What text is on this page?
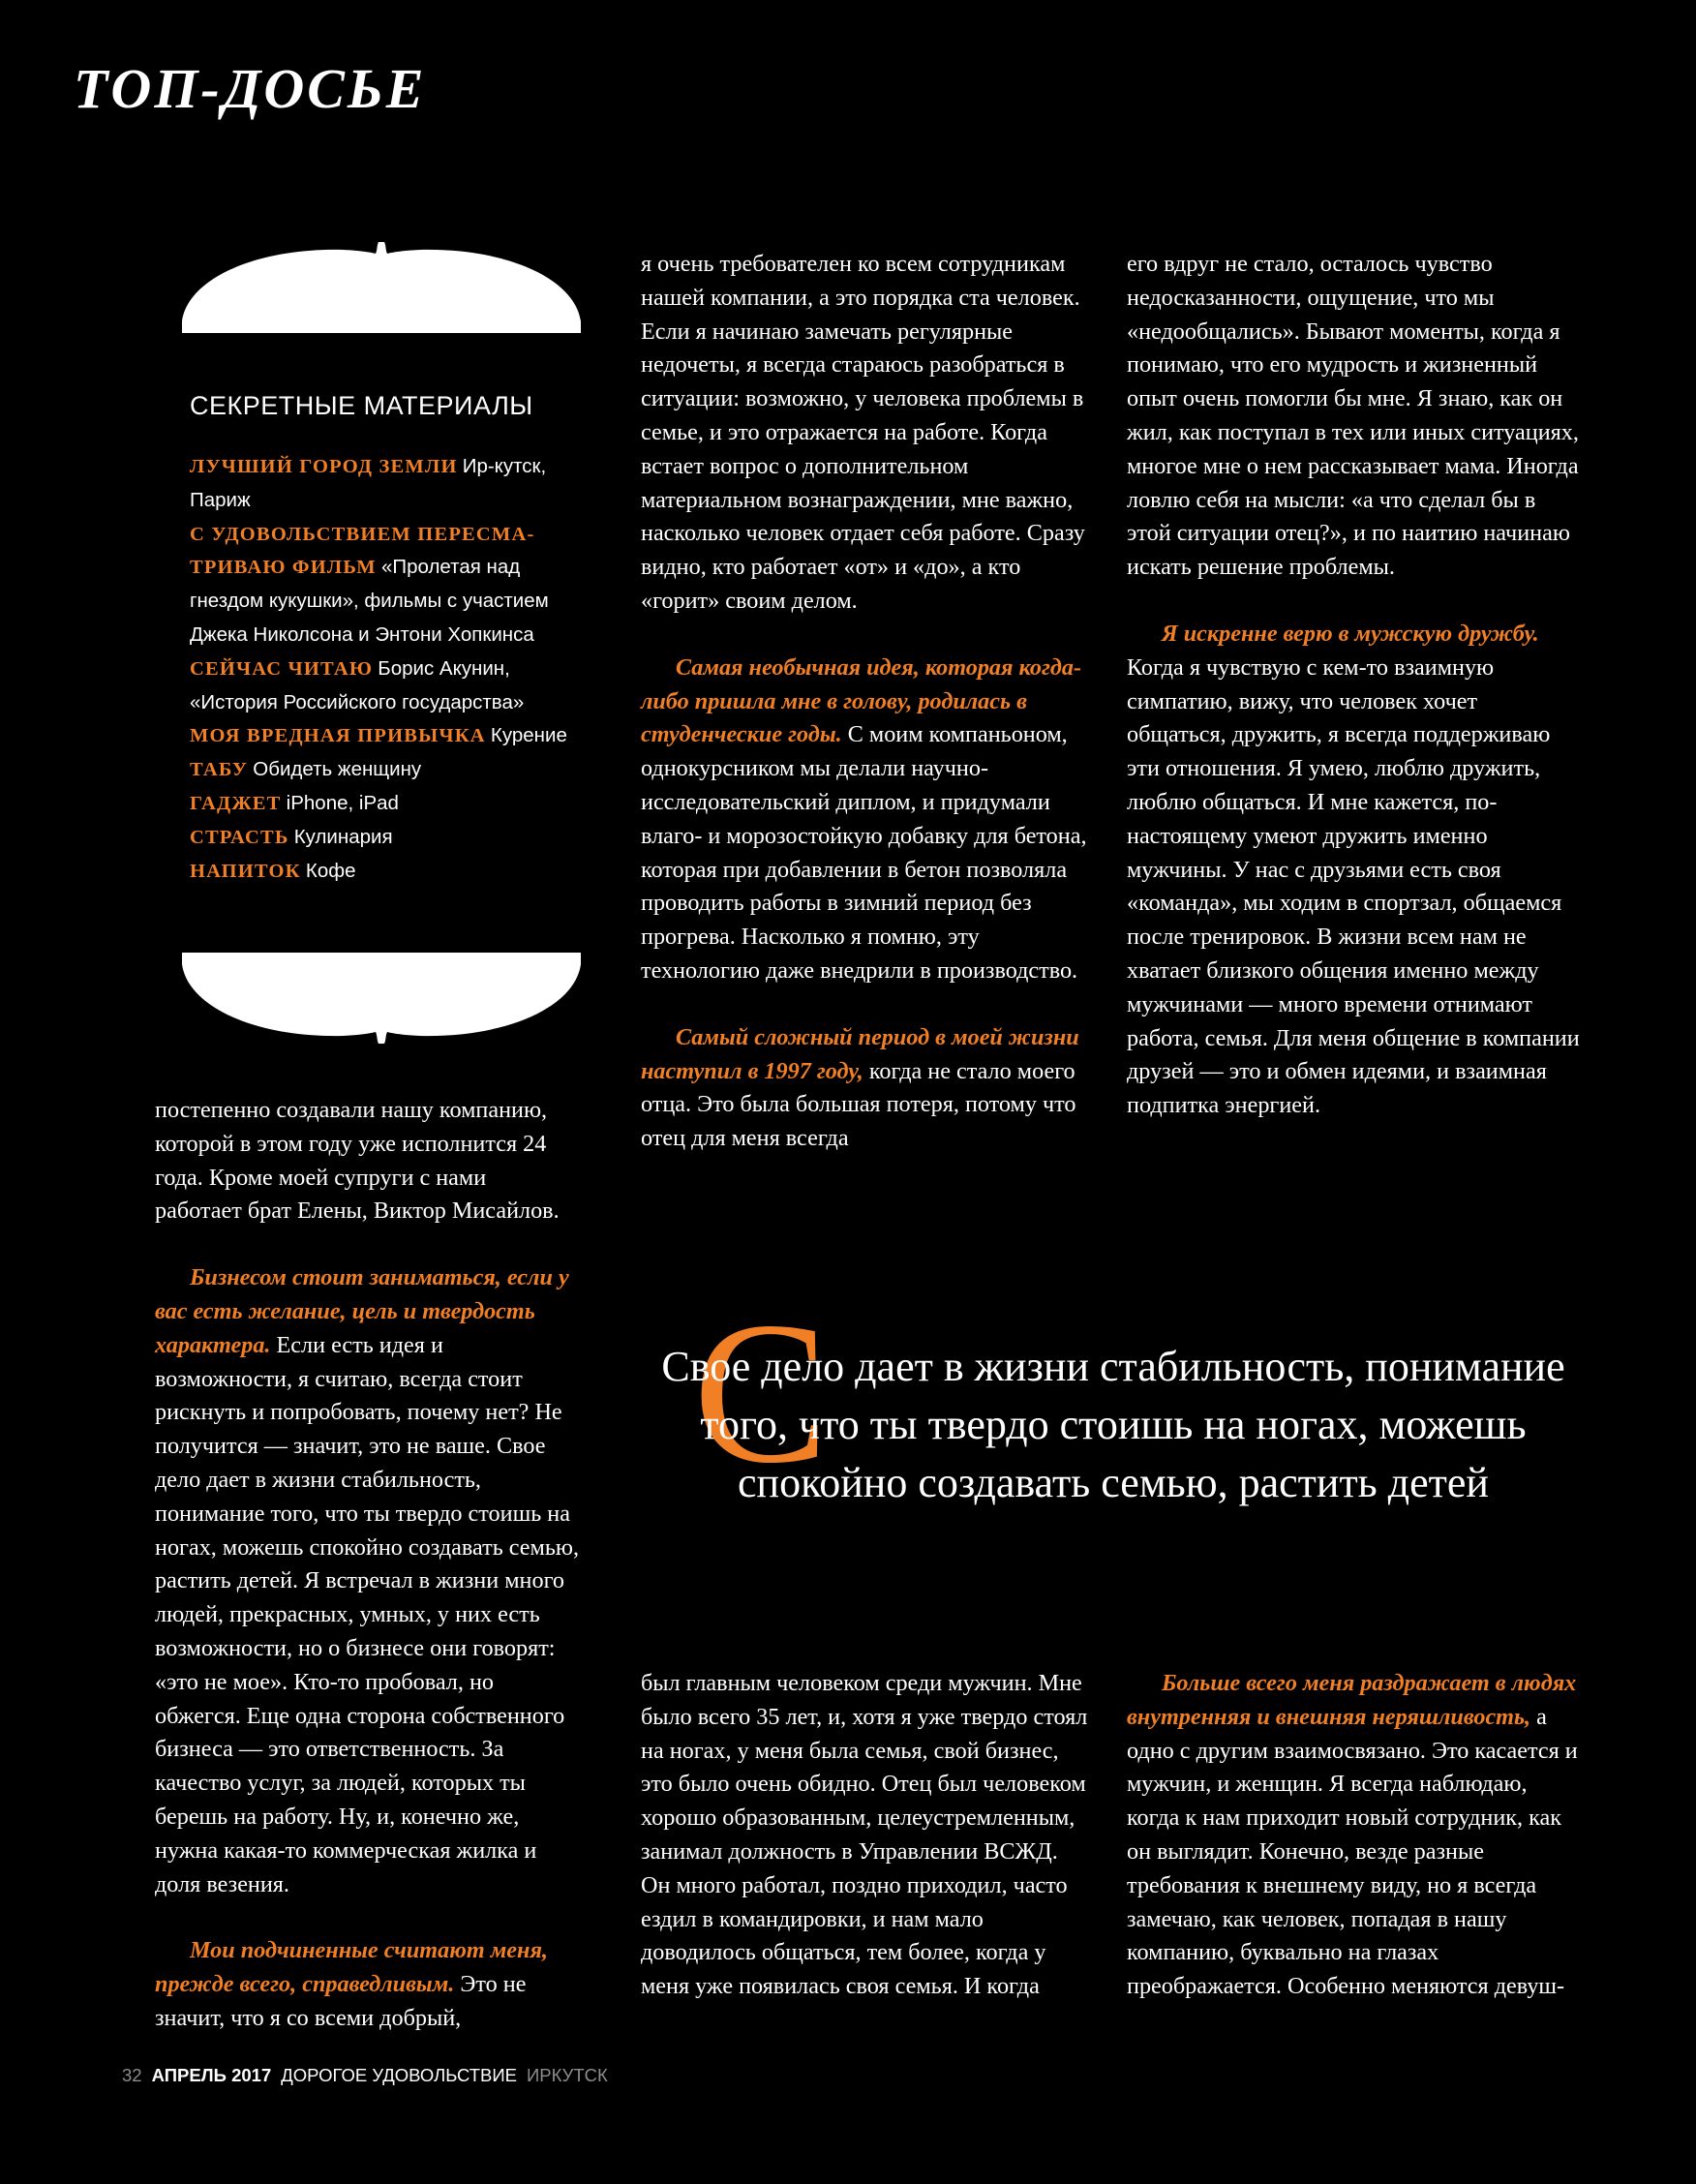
ТОП-ДОСЬЕ
СЕКРЕТНЫЕ МАТЕРИАЛЫ
ЛУЧШИЙ ГОРОД ЗЕМЛИ Ир-кутск, Париж
С УДОВОЛЬСТВИЕМ ПЕРЕСМА-ТРИВАЮ ФИЛЬМ «Пролетая над гнездом кукушки», фильмы с участием Джека Николсона и Энтони Хопкинса
СЕЙЧАС ЧИТАЮ Борис Акунин, «История Российского государства»
МОЯ ВРЕДНАЯ ПРИВЫЧКА Курение
ТАБУ Обидеть женщину
ГАДЖЕТ iPhone, iPad
СТРАСТЬ Кулинария
НАПИТОК Кофе

постепенно создавали нашу компанию, которой в этом году уже исполнится 24 года. Кроме моей супруги с нами работает брат Елены, Виктор Мисайлов.

Бизнесом стоит заниматься, если у вас есть желание, цель и твердость характера. Если есть идея и возможности, я считаю, всегда стоит рискнуть и попробовать, почему нет? Не получится — значит, это не ваше. Свое дело дает в жизни стабильность, понимание того, что ты твердо стоишь на ногах, можешь спокойно создавать семью, растить детей. Я встречал в жизни много людей, прекрасных, умных, у них есть возможности, но о бизнесе они говорят: «это не мое». Кто-то пробовал, но обжегся. Еще одна сторона собственного бизнеса — это ответственность. За качество услуг, за людей, которых ты берешь на работу. Ну, и, конечно же, нужна какая-то коммерческая жилка и доля везения.

Мои подчиненные считают меня, прежде всего, справедливым. Это не значит, что я со всеми добрый,

я очень требователен ко всем сотрудникам нашей компании, а это порядка ста человек. Если я начинаю замечать регулярные недочеты, я всегда стараюсь разобраться в ситуации: возможно, у человека проблемы в семье, и это отражается на работе. Когда встает вопрос о дополнительном материальном вознаграждении, мне важно, насколько человек отдает себя работе. Сразу видно, кто работает «от» и «до», а кто «горит» своим делом.

Самая необычная идея, которая когда-либо пришла мне в голову, родилась в студенческие годы. С моим компаньоном, однокурсником мы делали научно-исследовательский диплом, и придумали влаго- и морозостойкую добавку для бетона, которая при добавлении в бетон позволяла проводить работы в зимний период без прогрева. Насколько я помню, эту технологию даже внедрили в производство.

Самый сложный период в моей жизни наступил в 1997 году, когда не стало моего отца. Это была большая потеря, потому что отец для меня всегда

его вдруг не стало, осталось чувство недосказанности, ощущение, что мы «недообщались». Бывают моменты, когда я понимаю, что его мудрость и жизненный опыт очень помогли бы мне. Я знаю, как он жил, как поступал в тех или иных ситуациях, многое мне о нем рассказывает мама. Иногда ловлю себя на мысли: «а что сделал бы в этой ситуации отец?», и по наитию начинаю искать решение проблемы.

Я искренне верю в мужскую дружбу. Когда я чувствую с кем-то взаимную симпатию, вижу, что человек хочет общаться, дружить, я всегда поддерживаю эти отношения. Я умею, люблю дружить, люблю общаться. И мне кажется, по-настоящему умеют дружить именно мужчины. У нас с друзьями есть своя «команда», мы ходим в спортзал, общаемся после тренировок. В жизни всем нам не хватает близкого общения именно между мужчинами — много времени отнимают работа, семья. Для меня общение в компании друзей — это и обмен идеями, и взаимная подпитка энергией.

С

Свое дело дает в жизни стабильность, понимание того, что ты твердо стоишь на ногах, можешь спокойно создавать семью, растить детей

был главным человеком среди мужчин. Мне было всего 35 лет, и, хотя я уже твердо стоял на ногах, у меня была семья, свой бизнес, это было очень обидно. Отец был человеком хорошо образованным, целеустремленным, занимал должность в Управлении ВСЖД. Он много работал, поздно приходил, часто ездил в командировки, и нам мало доводилось общаться, тем более, когда у меня уже появилась своя семья. И когда

Больше всего меня раздражает в людях внутренняя и внешняя неряшливость, а одно с другим взаимосвязано. Это касается и мужчин, и женщин. Я всегда наблюдаю, когда к нам приходит новый сотрудник, как он выглядит. Конечно, везде разные требования к внешнему виду, но я всегда замечаю, как человек, попадая в нашу компанию, буквально на глазах преображается. Особенно меняются девуш-

32 АПРЕЛЬ 2017 ДОРОГОЕ УДОВОЛЬСТВИЕ ИРКУТСК
